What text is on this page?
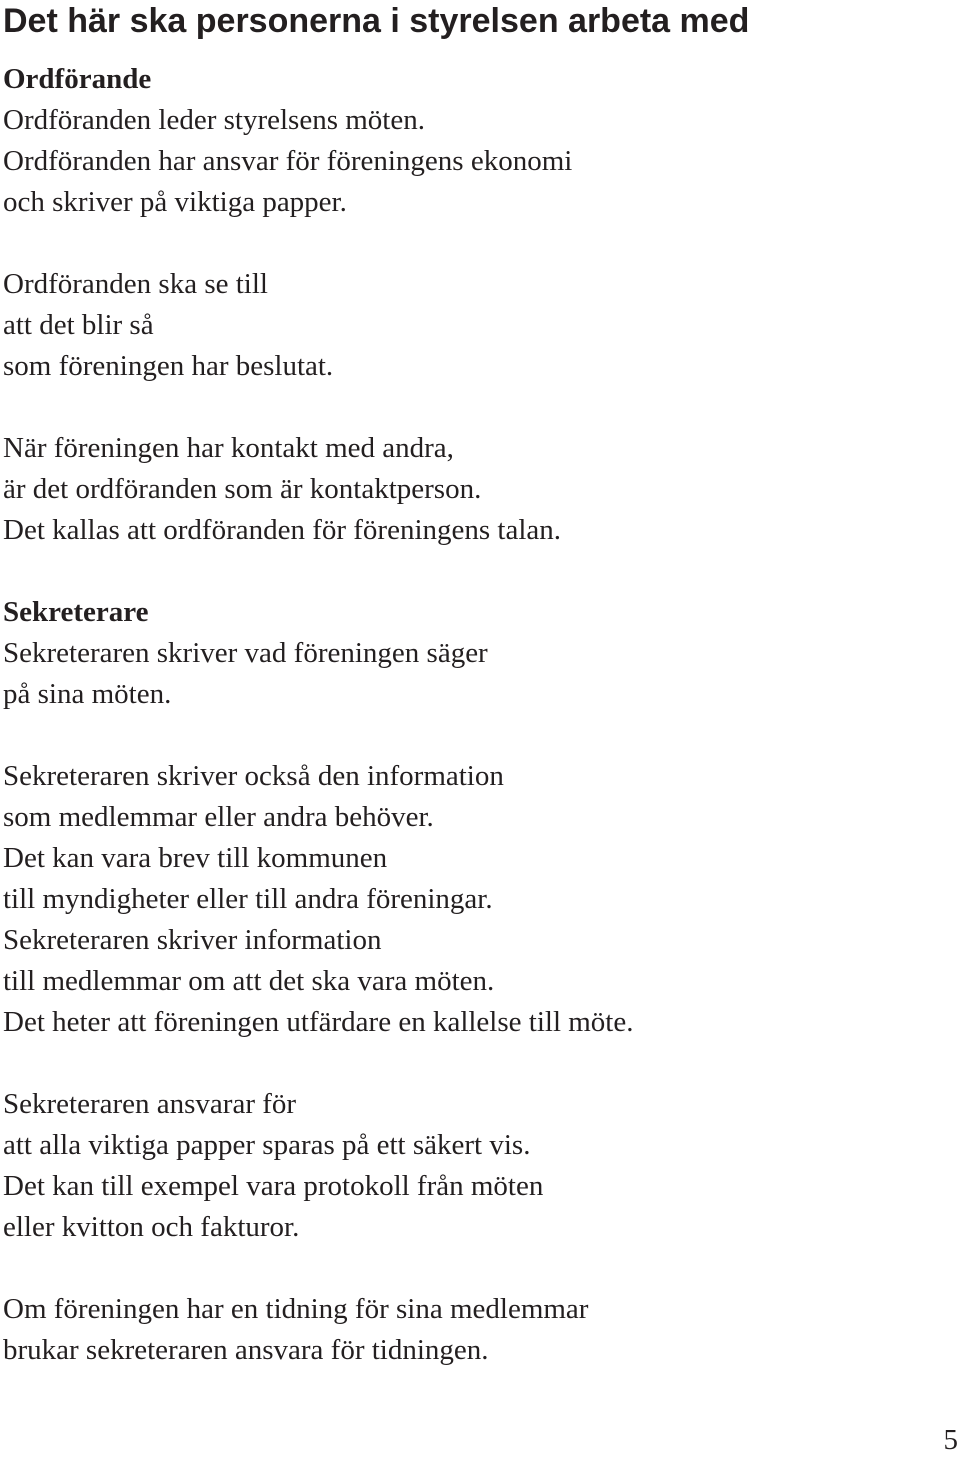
Det här ska personerna i styrelsen arbeta med
Ordförande

Ordföranden leder styrelsens möten.
Ordföranden har ansvar för föreningens ekonomi
och skriver på viktiga papper.

Ordföranden ska se till
att det blir så
som föreningen har beslutat.

När föreningen har kontakt med andra,
är det ordföranden som är kontaktperson.
Det kallas att ordföranden för föreningens talan.

Sekreterare

Sekreteraren skriver vad föreningen säger
på sina möten.

Sekreteraren skriver också den information
som medlemmar eller andra behöver.
Det kan vara brev till kommunen
till myndigheter eller till andra föreningar.
Sekreteraren skriver information
till medlemmar om att det ska vara möten.
Det heter att föreningen utfärdare en kallelse till möte.

Sekreteraren ansvarar för
att alla viktiga papper sparas på ett säkert vis.
Det kan till exempel vara protokoll från möten
eller kvitton och fakturor.

Om föreningen har en tidning för sina medlemmar
brukar sekreteraren ansvara för tidningen.

5
